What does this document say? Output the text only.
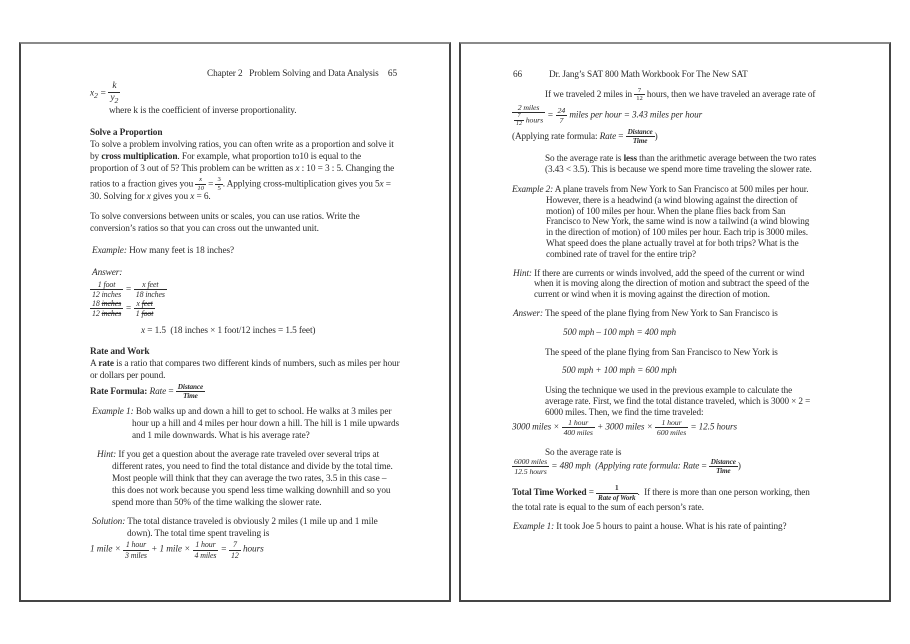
Chapter 2   Problem Solving and Data Analysis 65
$x_2 = \frac{k}{y_2}$

where k is the coefficient of inverse proportionality.

Solve a Proportion

To solve a problem involving ratios, you can often write as a proportion and solve it by cross multiplication. For example, what proportion to10 is equal to the proportion of 3 out of 5? This problem can be written as x : 10 = 3 : 5. Changing the ratios to a fraction gives you $\frac{x}{10} = \frac{3}{5}$ . Applying cross-multiplication gives you 5x = 30. Solving for x gives you x = 6.

To solve conversions between units or scales, you can use ratios. Write the conversion’s ratios so that you can cross out the unwanted unit.

Example: How many feet is 18 inches?

Answer:

$\frac{\text{1 foot}}{\text{12 inches}} = \frac{\text{x feet}}{\text{18 inches}}$
$\frac{\text{18 inches}}{\text{12 inches}} = \frac{\text{x feet}}{\text{1 foot}}$

x = 1.5  (18 inches × 1 foot/12 inches = 1.5 feet)

Rate and Work

A rate is a ratio that compares two different kinds of numbers, such as miles per hour or dollars per pound.

Rate Formula: Rate = $\frac{\text{Distance}}{\text{Time}}$

Example 1: Bob walks up and down a hill to get to school. He walks at 3 miles per hour up a hill and 4 miles per hour down a hill. The hill is 1 mile upwards and 1 mile downwards. What is his average rate?

Hint: If you get a question about the average rate traveled over several trips at different rates, you need to find the total distance and divide by the total time. Most people will think that they can average the two rates, 3.5 in this case – this does not work because you spend less time walking downhill and so you spend more than 50% of the time walking the slower rate.

Solution: The total distance traveled is obviously 2 miles (1 mile up and 1 mile down). The total time spent traveling is

1 mile × $\frac{\text{1 hour}}{\text{3 miles}} + 1$ mile × $\frac{\text{1 hour}}{\text{4 miles}} = \frac{7}{12}$ hours
66	Dr. Jang’s SAT 800 Math Workbook For The New SAT

If we traveled 2 miles in $\frac{7}{12}$ hours, then we have traveled an average rate of

$\frac{\text{2 miles}}{\frac{7}{12} hours} = \frac{24}{7}$ miles per hour = 3.43 miles per hour
(Applying rate formula: Rate = $\frac{\text{Distance}}{\text{Time}}$ )

So the average rate is less than the arithmetic average between the two rates (3.43 < 3.5). This is because we spend more time traveling the slower rate.

Example 2: A plane travels from New York to San Francisco at 500 miles per hour. However, there is a headwind (a wind blowing against the direction of motion) of 100 miles per hour. When the plane flies back from San Francisco to New York, the same wind is now a tailwind (a wind blowing in the direction of motion) of 100 miles per hour. Each trip is 3000 miles. What speed does the plane actually travel at for both trips? What is the combined rate of travel for the entire trip?

Hint: If there are currents or winds involved, add the speed of the current or wind when it is moving along the direction of motion and subtract the speed of the current or wind when it is moving against the direction of motion.

Answer: The speed of the plane flying from New York to San Francisco is

500 mph – 100 mph = 400 mph

The speed of the plane flying from San Francisco to New York is

500 mph + 100 mph = 600 mph

Using the technique we used in the previous example to calculate the average rate. First, we find the total distance traveled, which is 3000 × 2 = 6000 miles. Then, we find the time traveled:

3000 miles × $\frac{\text{1 hour}}{\text{400 miles}} + 3000$ miles × $\frac{\text{1 hour}}{\text{600 miles}} = 12.5$ hours

So the average rate is

$\frac{\text{6000 miles}}{\text{12.5 hours}} = 480$ mph  (Applying rate formula: Rate = $\frac{\text{Distance}}{\text{Time}}$ )

Total Time Worked = $\frac{1}{\text{Rate of Work}}$ .  If there is more than one person working, then the total rate is equal to the sum of each person’s rate.

Example 1: It took Joe 5 hours to paint a house. What is his rate of painting?
